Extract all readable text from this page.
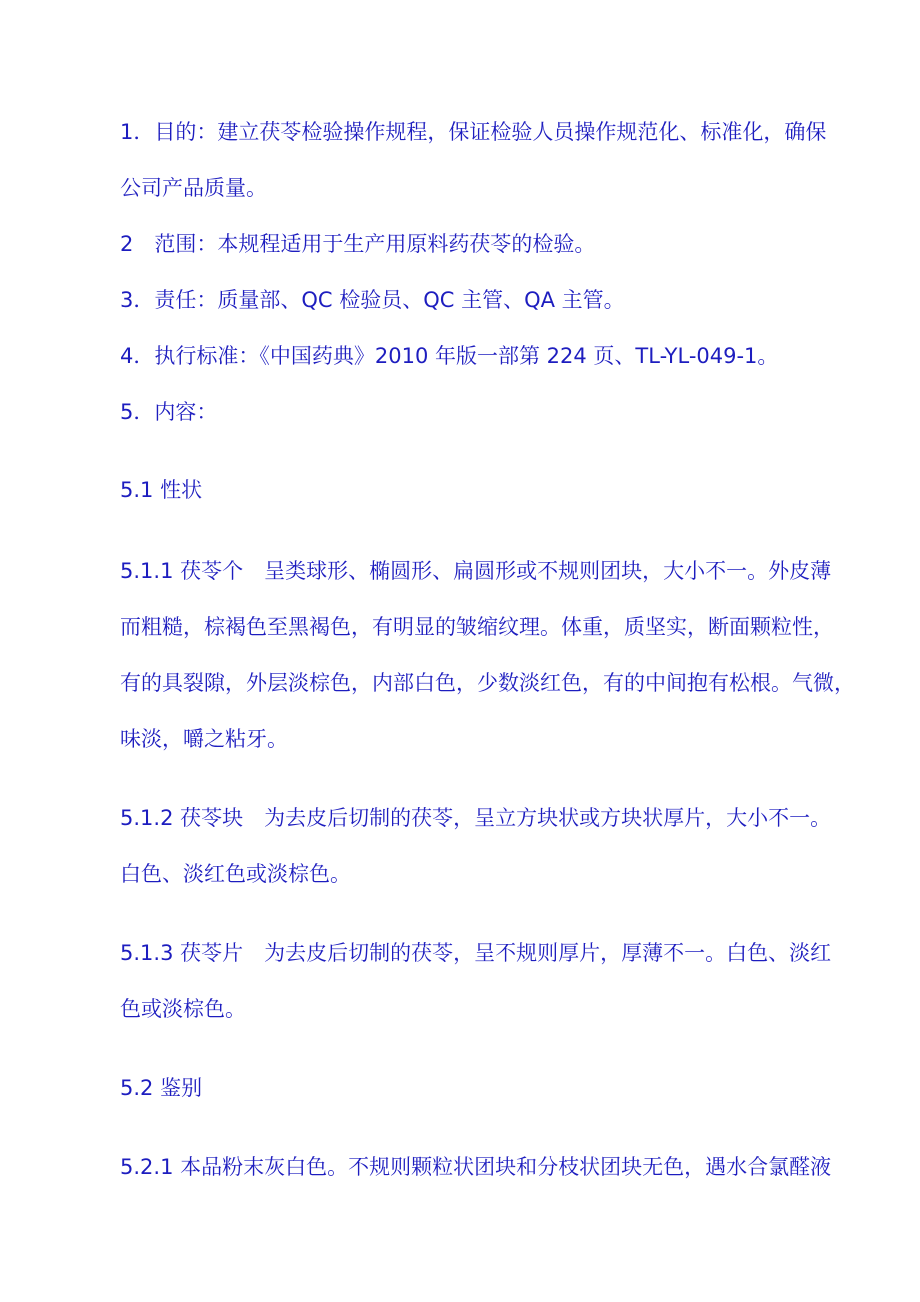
1．目的：建立茯苓检验操作规程，保证检验人员操作规范化、标准化，确保

公司产品质量。

2　范围：本规程适用于生产用原料药茯苓的检验。

3．责任：质量部、QC 检验员、QC 主管、QA 主管。

4．执行标准：《中国药典》2010 年版一部第 224 页、TL-YL-049-1。

5．内容：

5.1 性状

5.1.1 茯苓个　呈类球形、椭圆形、扁圆形或不规则团块，大小不一。外皮薄

而粗糙，棕褐色至黑褐色，有明显的皱缩纹理。体重，质坚实，断面颗粒性，

有的具裂隙，外层淡棕色，内部白色，少数淡红色，有的中间抱有松根。气微，

味淡，嚼之粘牙。

5.1.2 茯苓块　为去皮后切制的茯苓，呈立方块状或方块状厚片，大小不一。

白色、淡红色或淡棕色。

5.1.3 茯苓片　为去皮后切制的茯苓，呈不规则厚片，厚薄不一。白色、淡红

色或淡棕色。

5.2 鉴别

5.2.1 本品粉末灰白色。不规则颗粒状团块和分枝状团块无色，遇水合氯醛液
